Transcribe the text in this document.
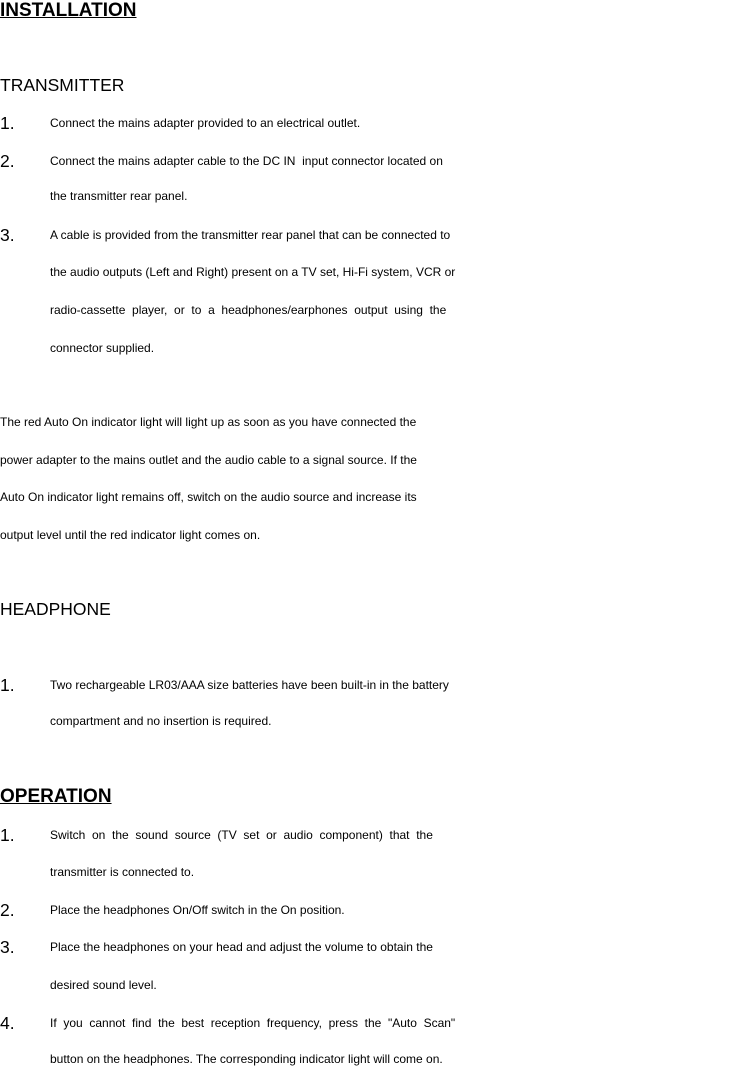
INSTALLATION
TRANSMITTER
1.	Connect the mains adapter provided to an electrical outlet.
2.	Connect the mains adapter cable to the DC IN  input connector located on
the transmitter rear panel.
3.	A cable is provided from the transmitter rear panel that can be connected to
the audio outputs (Left and Right) present on a TV set, Hi-Fi system, VCR or
radio-cassette  player,  or  to  a  headphones/earphones  output  using  the
connector supplied.
The red Auto On indicator light will light up as soon as you have connected the
power adapter to the mains outlet and the audio cable to a signal source. If the
Auto On indicator light remains off, switch on the audio source and increase its
output level until the red indicator light comes on.
HEADPHONE
1.	Two rechargeable LR03/AAA size batteries have been built-in in the battery
compartment and no insertion is required.
OPERATION
1.	Switch  on  the  sound  source  (TV  set  or  audio  component)  that  the
transmitter is connected to.
2.	Place the headphones On/Off switch in the On position.
3.	Place the headphones on your head and adjust the volume to obtain the
desired sound level.
4.	If  you  cannot  find  the  best  reception  frequency,  press  the  "Auto  Scan"
button on the headphones. The corresponding indicator light will come on.
